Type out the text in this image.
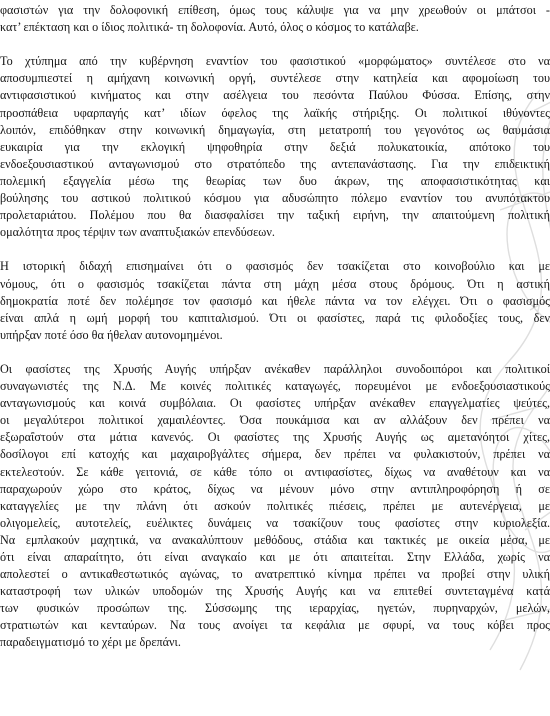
φασιστών για την δολοφονική επίθεση, όμως τους κάλυψε για να μην χρεωθούν οι μπάτσοι -
κατ’ επέκταση και ο ίδιος πολιτικά- τη δολοφονία. Αυτό, όλος ο κόσμος το κατάλαβε.
Το χτύπημα από την κυβέρνηση εναντίον του φασιστικού «μορφώματος» συντέλεσε στο να
αποσυμπιεστεί η αμήχανη κοινωνική οργή, συντέλεσε στην κατηλεία και αφομοίωση του
αντιφασιστικού κινήματος και στην ασέλγεια του πεσόντα Παύλου Φύσσα. Επίσης, στην
προσπάθεια υφαρπαγής κατ’ ιδίων όφελος της λαϊκής στήριξης. Οι πολιτικοί ιθύνοντες
λοιπόν, επιδόθηκαν στην κοινωνική δημαγωγία, στη μετατροπή του γεγονότος ως θαυμάσια
ευκαιρία για την εκλογική ψηφοθηρία στην δεξιά πολυκατοικία, απότοκο του
ενδοεξουσιαστικού ανταγωνισμού στο στρατόπεδο της αντεπανάστασης. Για την επιδεικτική
πολεμική εξαγγελία μέσω της θεωρίας των δυο άκρων, της αποφασιστικότητας και
βούλησης του αστικού πολιτικού κόσμου για αδυσώπητο πόλεμο εναντίον του ανυπότακτου
προλεταριάτου. Πολέμου που θα διασφαλίσει την ταξική ειρήνη, την απαιτούμενη πολιτική
ομαλότητα προς τέρψιν των αναπτυξιακών επενδύσεων.
Η ιστορική διδαχή επισημαίνει ότι ο φασισμός δεν τσακίζεται στο κοινοβούλιο και με
νόμους, ότι ο φασισμός τσακίζεται πάντα στη μάχη μέσα στους δρόμους. Ότι η αστική
δημοκρατία ποτέ δεν πολέμησε τον φασισμό και ήθελε πάντα να τον ελέγχει. Ότι ο φασισμός
είναι απλά η ωμή μορφή του καπιταλισμού. Ότι οι φασίστες, παρά τις φιλοδοξίες τους, δεν
υπήρξαν ποτέ όσο θα ήθελαν αυτονομημένοι.
Οι φασίστες της Χρυσής Αυγής υπήρξαν ανέκαθεν παράλληλοι συνοδοιπόροι και πολιτικοί
συναγωνιστές της Ν.Δ. Με κοινές πολιτικές καταγωγές, πορευμένοι με ενδοεξουσιαστικούς
ανταγωνισμούς και κοινά συμβόλαια. Οι φασίστες υπήρξαν ανέκαθεν επαγγελματίες ψεύτες,
οι μεγαλύτεροι πολιτικοί χαμαιλέοντες. Όσα πουκάμισα και αν αλλάξουν δεν πρέπει να
εξωραΐστούν στα μάτια κανενός. Οι φασίστες της Χρυσής Αυγής ως αμετανόητοι χίτες,
δοσίλογοι επί κατοχής και μαχαιροβγάλτες σήμερα, δεν πρέπει να φυλακιστούν, πρέπει να
εκτελεστούν. Σε κάθε γειτονιά, σε κάθε τόπο οι αντιφασίστες, δίχως να αναθέτουν και να
παραχωρούν χώρο στο κράτος, δίχως να μένουν μόνο στην αντιπληροφόρηση ή σε
καταγγελίες με την πλάνη ότι ασκούν πολιτικές πιέσεις, πρέπει με αυτενέργεια, με
ολιγομελείς, αυτοτελείς, ευέλικτες δυνάμεις να τσακίζουν τους φασίστες στην κυριολεξία.
Να εμπλακούν μαχητικά, να ανακαλύπτουν μεθόδους, στάδια και τακτικές με οικεία μέσα, με
ότι είναι απαραίτητο, ότι είναι αναγκαίο και με ότι απαιτείται. Στην Ελλάδα, χωρίς να
απολεστεί ο αντικαθεστωτικός αγώνας, το ανατρεπτικό κίνημα πρέπει να προβεί στην υλική
καταστροφή των υλικών υποδομών της Χρυσής Αυγής και να επιτεθεί συντεταγμένα κατά
των φυσικών προσώπων της. Σύσσωμης της ιεραρχίας, ηγετών, πυρηναρχών, μελών,
στρατιωτών και κενταύρων. Να τους ανοίγει τα κεφάλια με σφυρί, να τους κόβει προς
παραδειγματισμό το χέρι με δρεπάνι.
